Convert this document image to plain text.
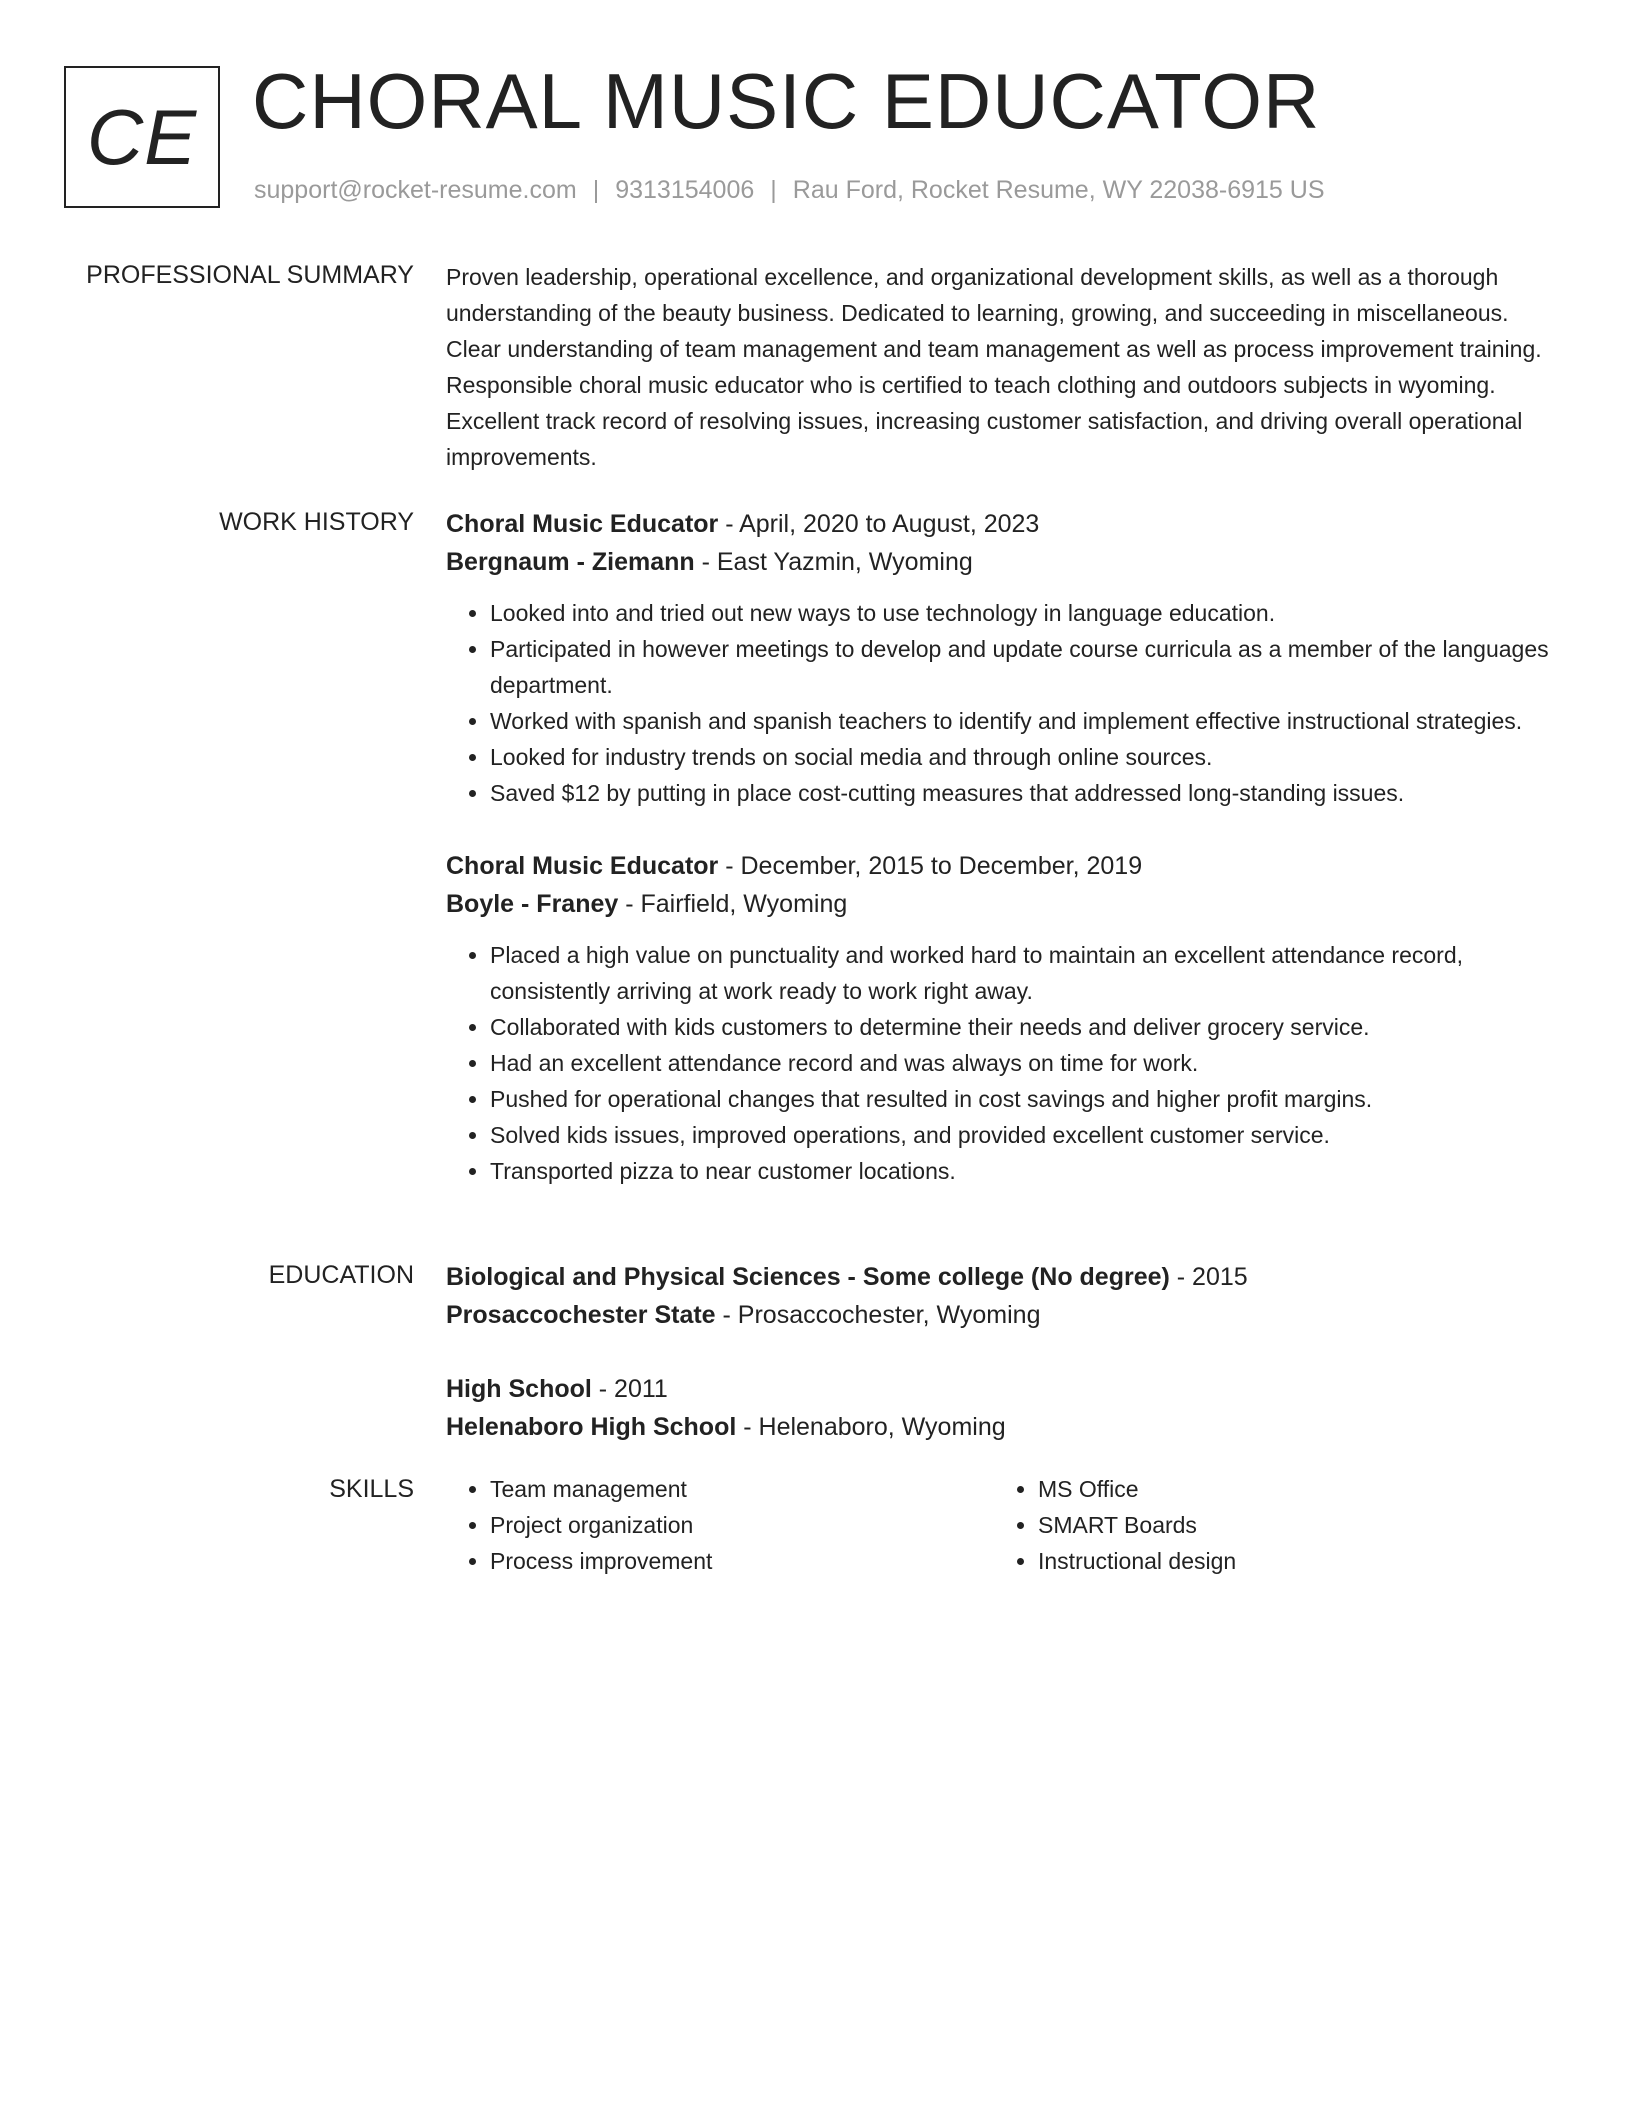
CE CHORAL MUSIC EDUCATOR
support@rocket-resume.com | 9313154006 | Rau Ford, Rocket Resume, WY 22038-6915 US
PROFESSIONAL SUMMARY Proven leadership, operational excellence, and organizational development skills, as well as a thorough understanding of the beauty business. Dedicated to learning, growing, and succeeding in miscellaneous. Clear understanding of team management and team management as well as process improvement training. Responsible choral music educator who is certified to teach clothing and outdoors subjects in wyoming. Excellent track record of resolving issues, increasing customer satisfaction, and driving overall operational improvements.

WORK HISTORY Choral Music Educator - April, 2020 to August, 2023
Bergnaum - Ziemann - East Yazmin, Wyoming
• Looked into and tried out new ways to use technology in language education.
• Participated in however meetings to develop and update course curricula as a member of the languages department.
• Worked with spanish and spanish teachers to identify and implement effective instructional strategies.
• Looked for industry trends on social media and through online sources.
• Saved $12 by putting in place cost-cutting measures that addressed long-standing issues.
Choral Music Educator - December, 2015 to December, 2019
Boyle - Franey - Fairfield, Wyoming
• Placed a high value on punctuality and worked hard to maintain an excellent attendance record, consistently arriving at work ready to work right away.
• Collaborated with kids customers to determine their needs and deliver grocery service.
• Had an excellent attendance record and was always on time for work.
• Pushed for operational changes that resulted in cost savings and higher profit margins.
• Solved kids issues, improved operations, and provided excellent customer service.
• Transported pizza to near customer locations.
EDUCATION Biological and Physical Sciences - Some college (No degree) - 2015
Prosaccochester State - Prosaccochester, Wyoming
High School - 2011
Helenaboro High School - Helenaboro, Wyoming
SKILLS
•	Team management
• Project organization
• Process improvement
• MS Office
• SMART Boards
• Instructional design
